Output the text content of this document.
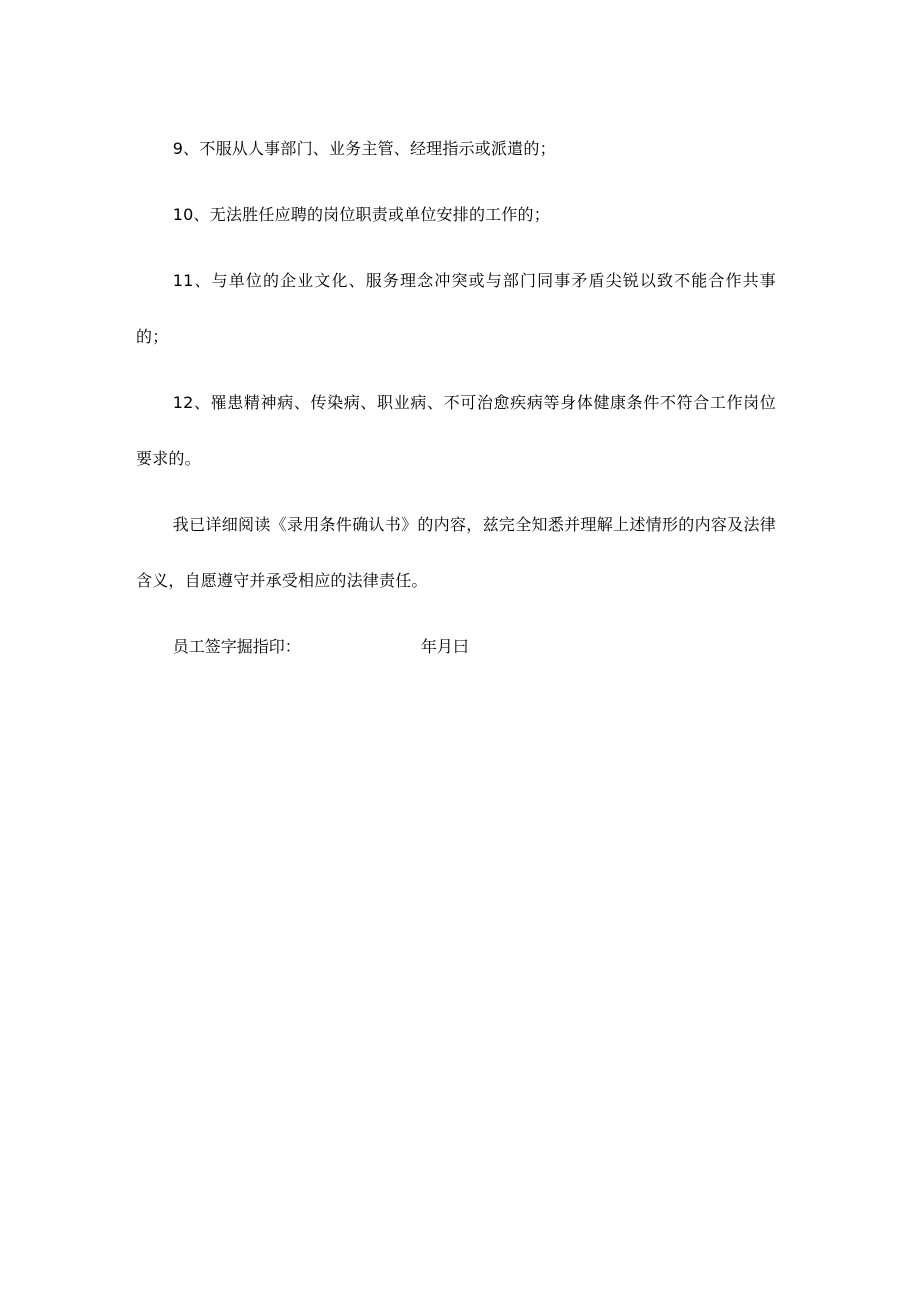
9、不服从人事部门、业务主管、经理指示或派遣的；

10、无法胜任应聘的岗位职责或单位安排的工作的；

11、与单位的企业文化、服务理念冲突或与部门同事矛盾尖锐以致不能合作共事的；

12、罹患精神病、传染病、职业病、不可治愈疾病等身体健康条件不符合工作岗位要求的。

我已详细阅读《录用条件确认书》的内容，兹完全知悉并理解上述情形的内容及法律含义，自愿遵守并承受相应的法律责任。

员工签字掘指印：	年月曰
